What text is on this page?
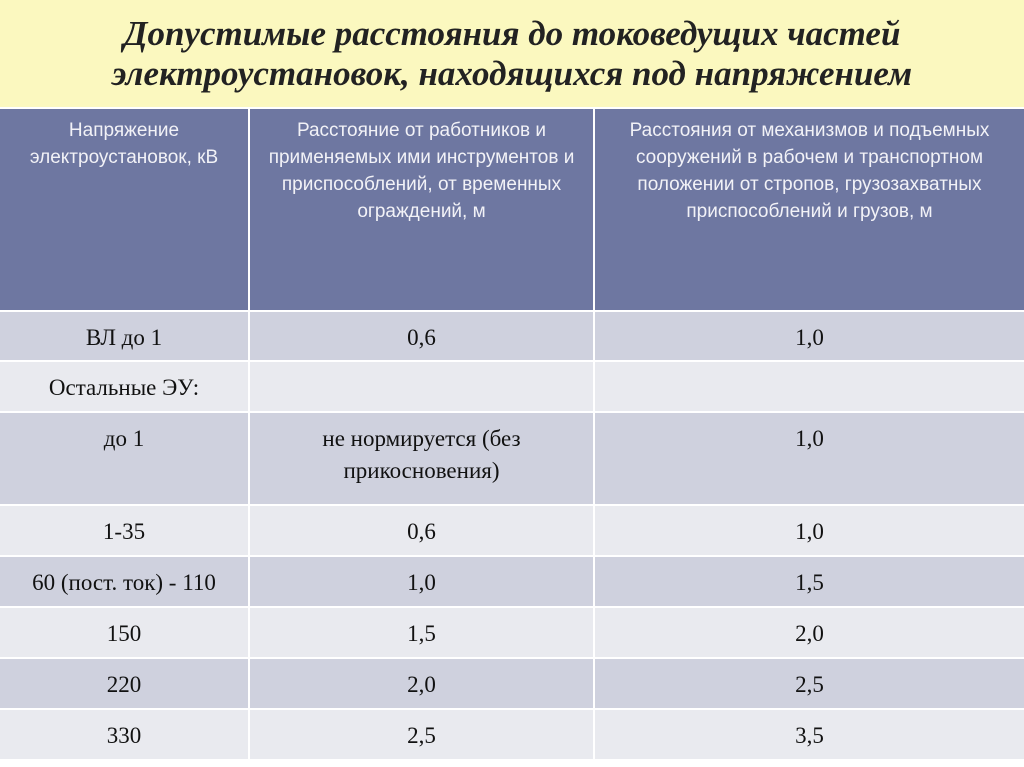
Допустимые расстояния до токоведущих частей
электроустановок, находящихся под напряжением
Напряжение электроустановок, кВ	Расстояние от работников и применяемых ими инструментов и приспособлений, от временных ограждений, м	Расстояния от механизмов и подъемных сооружений в рабочем и транспортном положении от стропов, грузозахватных приспособлений и грузов, м

ВЛ до 1	0,6	1,0
Остальные ЭУ:		
до 1	не нормируется (без прикосновения)	1,0
1-35	0,6	1,0
60 (пост. ток) - 110	1,0	1,5
150	1,5	2,0
220	2,0	2,5
330	2,5	3,5
